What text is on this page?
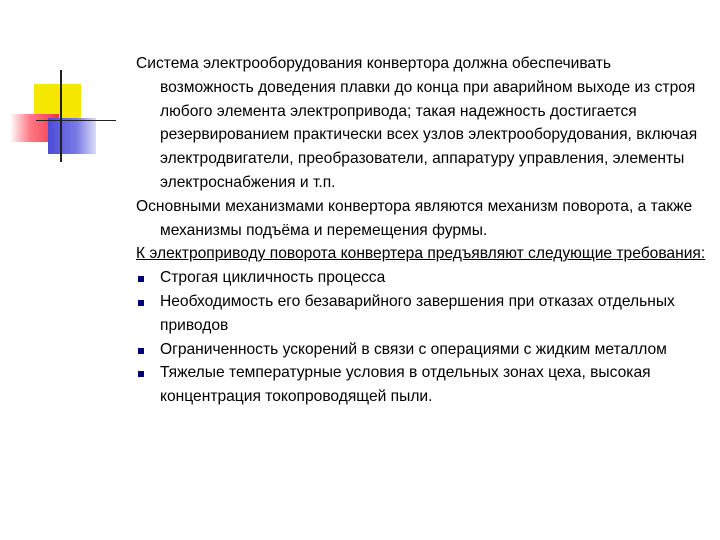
Система электрооборудования конвертора должна обеспечивать возможность доведения плавки до конца при аварийном выходе из строя любого элемента электропривода; такая надежность достигается резервированием практически всех узлов электрооборудования, включая электродвигатели, преобразователи, аппаратуру управления, элементы электроснабжения и т.п.

Основными механизмами конвертора являются механизм поворота, а также механизмы подъёма и перемещения фурмы.

К электроприводу поворота конвертера предъявляют следующие требования:

Строгая цикличность процесса
Необходимость его безаварийного завершения при отказах отдельных приводов
Ограниченность ускорений в связи с операциями с жидким металлом
Тяжелые температурные условия в отдельных зонах цеха, высокая концентрация токопроводящей пыли.
